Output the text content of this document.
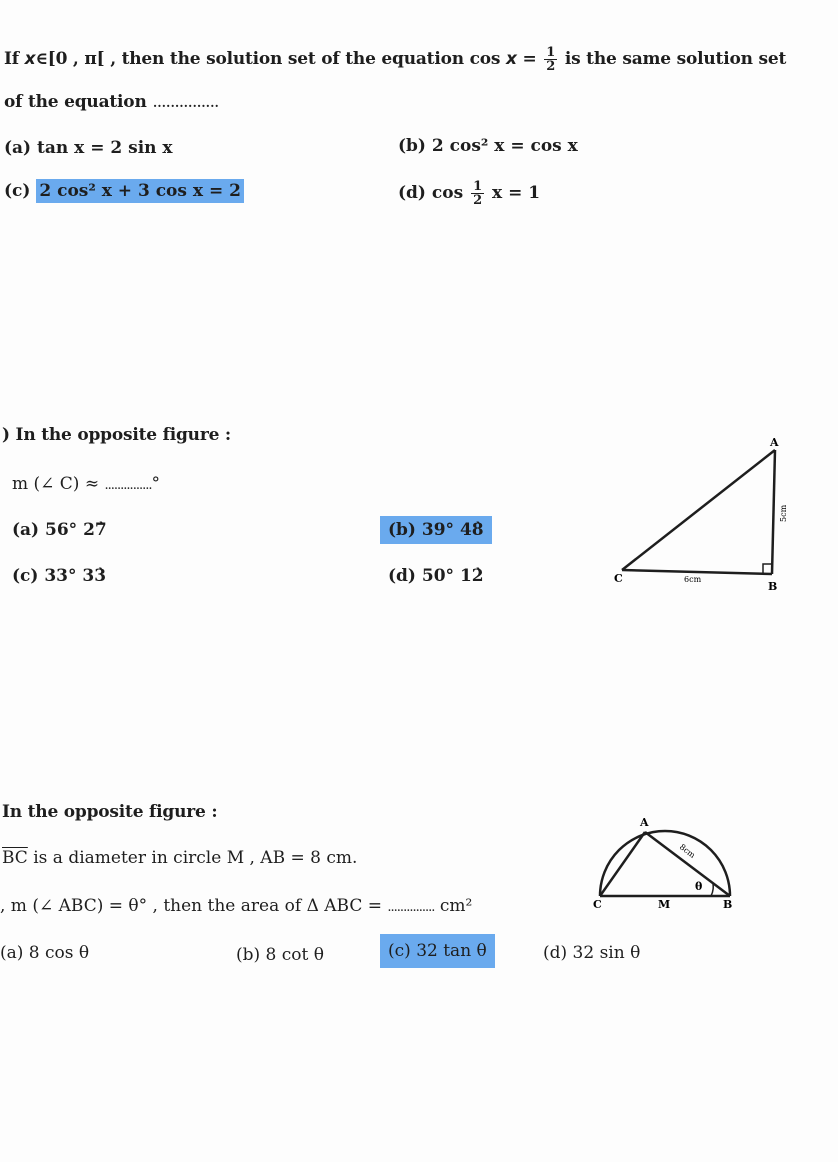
If x∈[0 , π[ , then the solution set of the equation $\cos x = \frac{1}{2}$ is the same solution set
of the equation ...............
(a) tan x = 2 sin x	(b) 2 cos² x = cos x
(c) 2 cos² x + 3 cos x = 2	(d) $\cos \frac{1}{2}$ x = 1
) In the opposite figure :
m (∠ C) ≈ ...............°
(a) 56° 27̀	(b) 39° 48̀
(c) 33° 33̀	(d) 50° 12̀
A
C
B
6cm
5cm
In the opposite figure :
$\overline{BC}$ is a diameter in circle M , AB = 8 cm.
, m (∠ ABC) = θ° , then the area of Δ ABC = ............... cm²
(a) 8 cos θ	(b) 8 cot θ	(c) 32 tan θ	(d) 32 sin θ
A
C	B
M
θ
8cm
